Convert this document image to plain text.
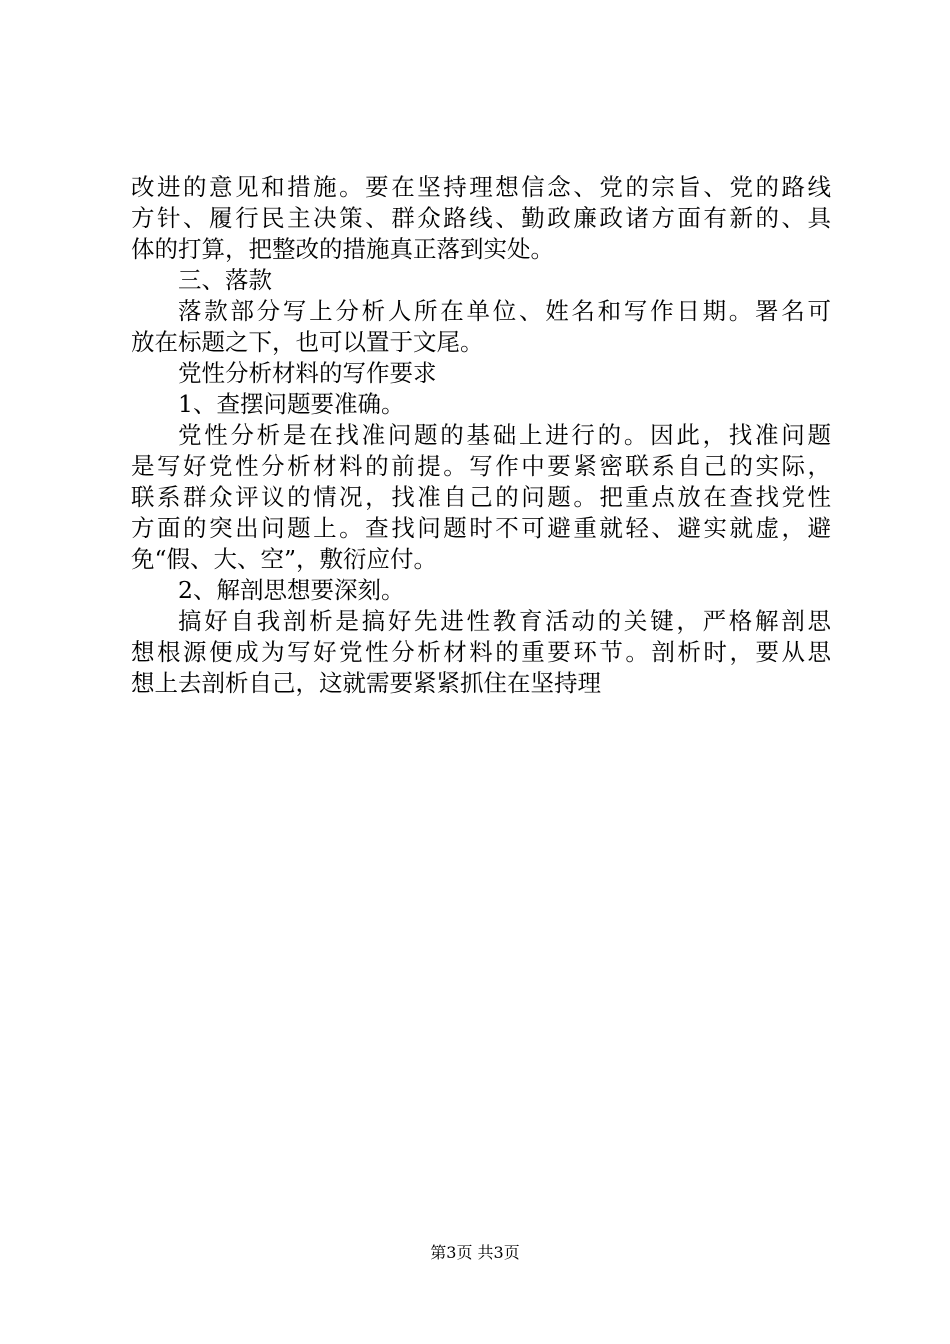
改进的意见和措施。要在坚持理想信念、党的宗旨、党的路线
方针、履行民主决策、群众路线、勤政廉政诸方面有新的、具
体的打算，把整改的措施真正落到实处。
三、落款
落款部分写上分析人所在单位、姓名和写作日期。署名可
放在标题之下，也可以置于文尾。
党性分析材料的写作要求
1、查摆问题要准确。
党性分析是在找准问题的基础上进行的。因此，找准问题
是写好党性分析材料的前提。写作中要紧密联系自己的实际，
联系群众评议的情况，找准自己的问题。把重点放在查找党性
方面的突出问题上。查找问题时不可避重就轻、避实就虚，避
免“假、大、空”，敷衍应付。
2、解剖思想要深刻。
搞好自我剖析是搞好先进性教育活动的关键，严格解剖思
想根源便成为写好党性分析材料的重要环节。剖析时，要从思
想上去剖析自己，这就需要紧紧抓住在坚持理
第3页 共3页
